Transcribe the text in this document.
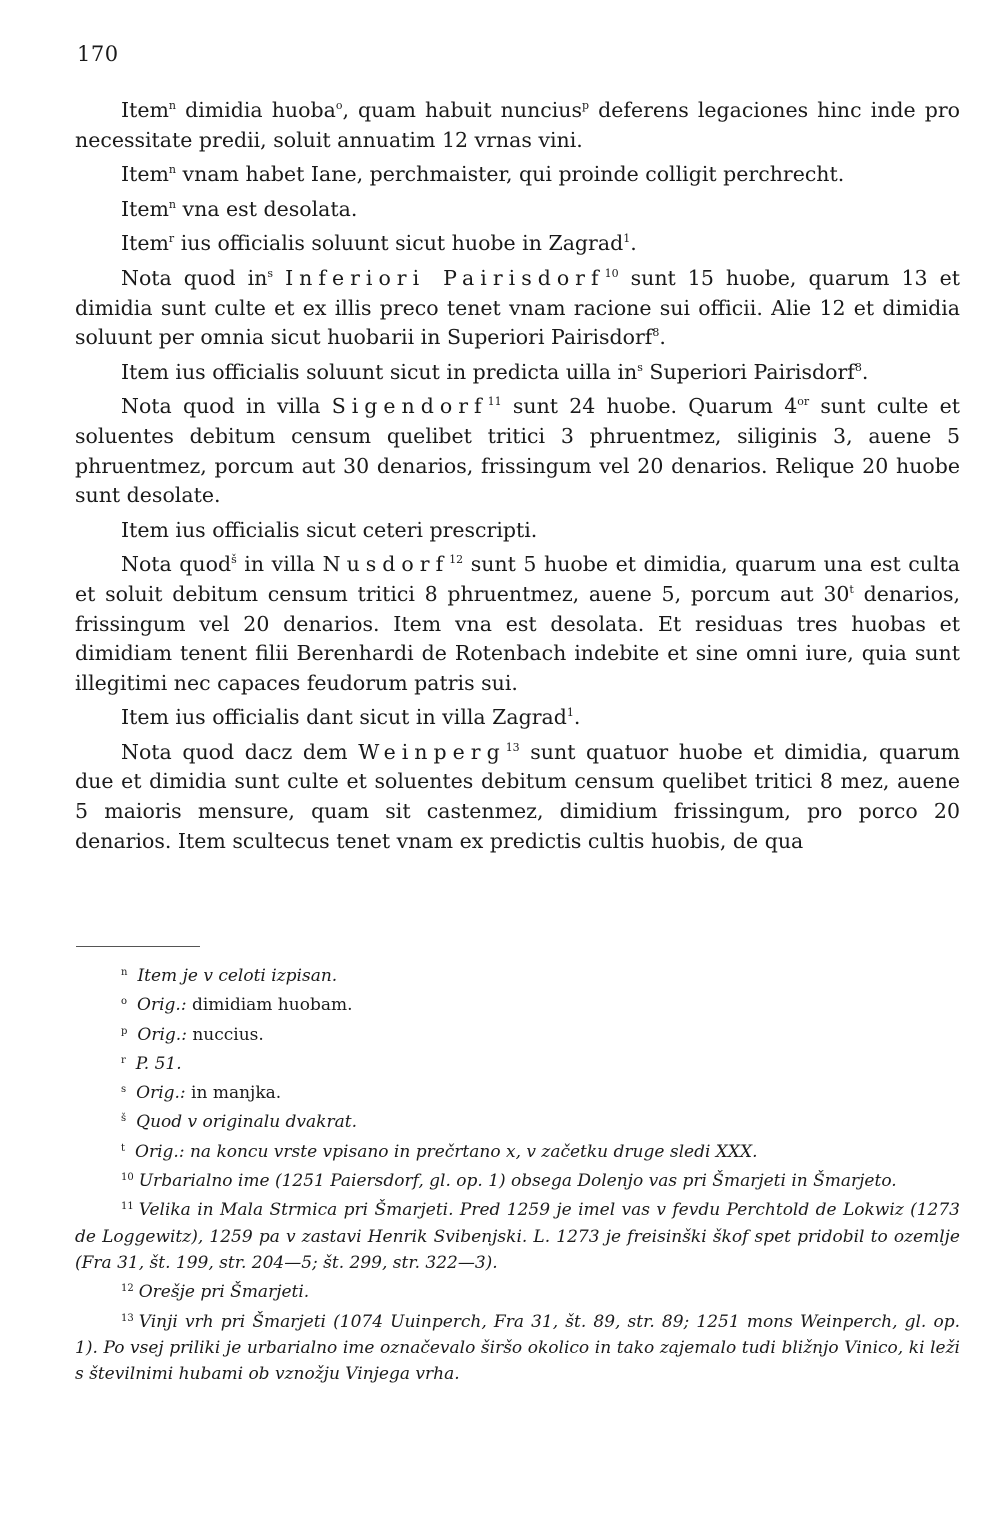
170

Item$^n$ dimidia huoba$^o$, quam habuit nuncius$^p$ deferens legaciones hinc inde pro necessitate predii, soluit annuatim 12 vrnas vini.

Item$^n$ vnam habet Iane, perchmaister, qui proinde colligit perchrecht.

Item$^n$ vna est desolata.

Item$^r$ ius officialis soluunt sicut huobe in Zagrad$^1$.

Nota quod $in^s$ Inferiori Pairisdorf$^{10}$ sunt 15 huobe, quarum 13 et dimidia sunt culte et ex illis preco tenet vnam racione sui officii. Alie 12 et dimidia soluunt per omnia sicut huobarii in Superiori Pairisdorf$^8$.

Item ius officialis soluunt sicut in predicta uilla $in^s$ Superiori Pairisdorf$^8$.

Nota quod in villa Sigendorf$^{11}$ sunt 24 huobe. Quarum $4^{or}$ sunt culte et soluentes debitum censum quelibet tritici 3 phruentmez, siliginis 3, auene 5 phruentmez, porcum aut 30 denarios, frissingum vel 20 denarios. Relique 20 huobe sunt desolate.

Item ius officialis sicut ceteri prescripti.

Nota quod$^š$ in villa Nusdorf$^{12}$ sunt 5 huobe et dimidia, quarum una est culta et soluit debitum censum tritici 8 phruentmez, auene 5, porcum aut 30$^t$ denarios, frissingum vel 20 denarios. Item vna est desolata. Et residuas tres huobas et dimidiam tenent filii Berenhardi de Rotenbach indebite et sine omni iure, quia sunt illegitimi nec capaces feudorum patris sui.

Item ius officialis dant sicut in villa Zagrad$^1$.

Nota quod dacz dem Weinperg$^{13}$ sunt quatuor huobe et dimidia, quarum due et dimidia sunt culte et soluentes debitum censum quelibet tritici 8 mez, auene 5 maioris mensure, quam sit castenmez, dimidium frissingum, pro porco 20 denarios. Item scultecus tenet vnam ex predictis cultis huobis, de qua

$^n$ Item je v celoti izpisan.

$^o$ Orig.: dimidiam huobam.

$^p$ Orig.: nuccius.

$^r$ P. 51.

$^s$ Orig.: in manjka.

$^š$ Quod v originalu dvakrat.

$^t$ Orig.: na koncu vrste vpisano in prečrtano x, v začetku druge sledi XXX.

$^{10}$ Urbarialno ime (1251 Paiersdorf, gl. op. 1) obsega Dolenjo vas pri Šmarjeti in Šmarjeto.

$^{11}$ Velika in Mala Strmica pri Šmarjeti. Pred 1259 je imel vas v fevdu Perchtold de Lokwiz (1273 de Loggewitz), 1259 pa v zastavi Henrik Svibenjski. L. 1273 je freisinški škof spet pridobil to ozemlje (Fra 31, št. 199, str. 204—5; št. 299, str. 322—3).

$^{12}$ Orešje pri Šmarjeti.

$^{13}$ Vinji vrh pri Šmarjeti (1074 Uuinperch, Fra 31, št. 89, str. 89; 1251 mons Weinperch, gl. op. 1). Po vsej priliki je urbarialno ime označevalo širšo okolico in tako zajemalo tudi bližnjo Vinico, ki leži s številnimi hubami ob vznožju Vinjega vrha.
